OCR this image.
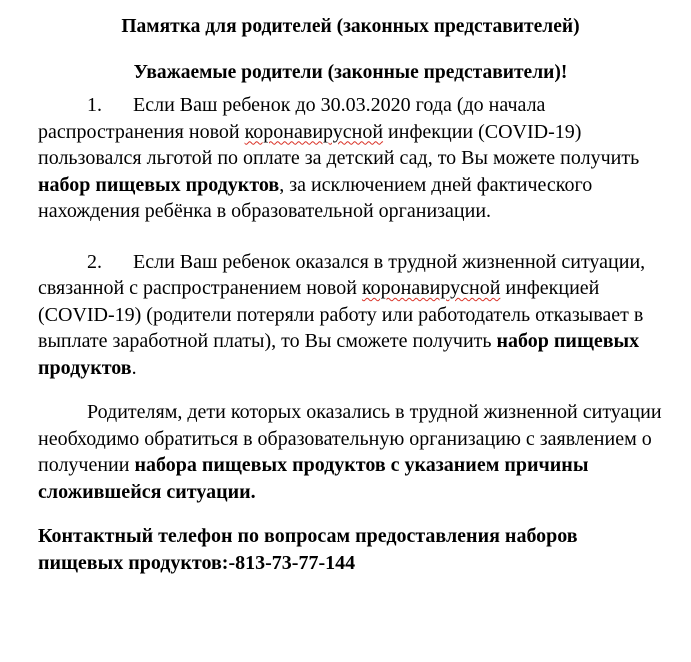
Памятка для родителей (законных представителей)

Уважаемые родители (законные представители)!

1. Если Ваш ребенок до 30.03.2020 года (до начала распространения новой коронавирусной инфекции (COVID-19) пользовался льготой по оплате за детский сад, то Вы можете получить набор пищевых продуктов, за исключением дней фактического нахождения ребёнка в образовательной организации.

2. Если Ваш ребенок оказался в трудной жизненной ситуации, связанной с распространением новой коронавирусной инфекцией (COVID-19) (родители потеряли работу или работодатель отказывает в выплате заработной платы), то Вы сможете получить набор пищевых продуктов.

Родителям, дети которых оказались в трудной жизненной ситуации необходимо обратиться в образовательную организацию с заявлением о получении набора пищевых продуктов с указанием причины сложившейся ситуации.

Контактный телефон по вопросам предоставления наборов пищевых продуктов:-813-73-77-144
